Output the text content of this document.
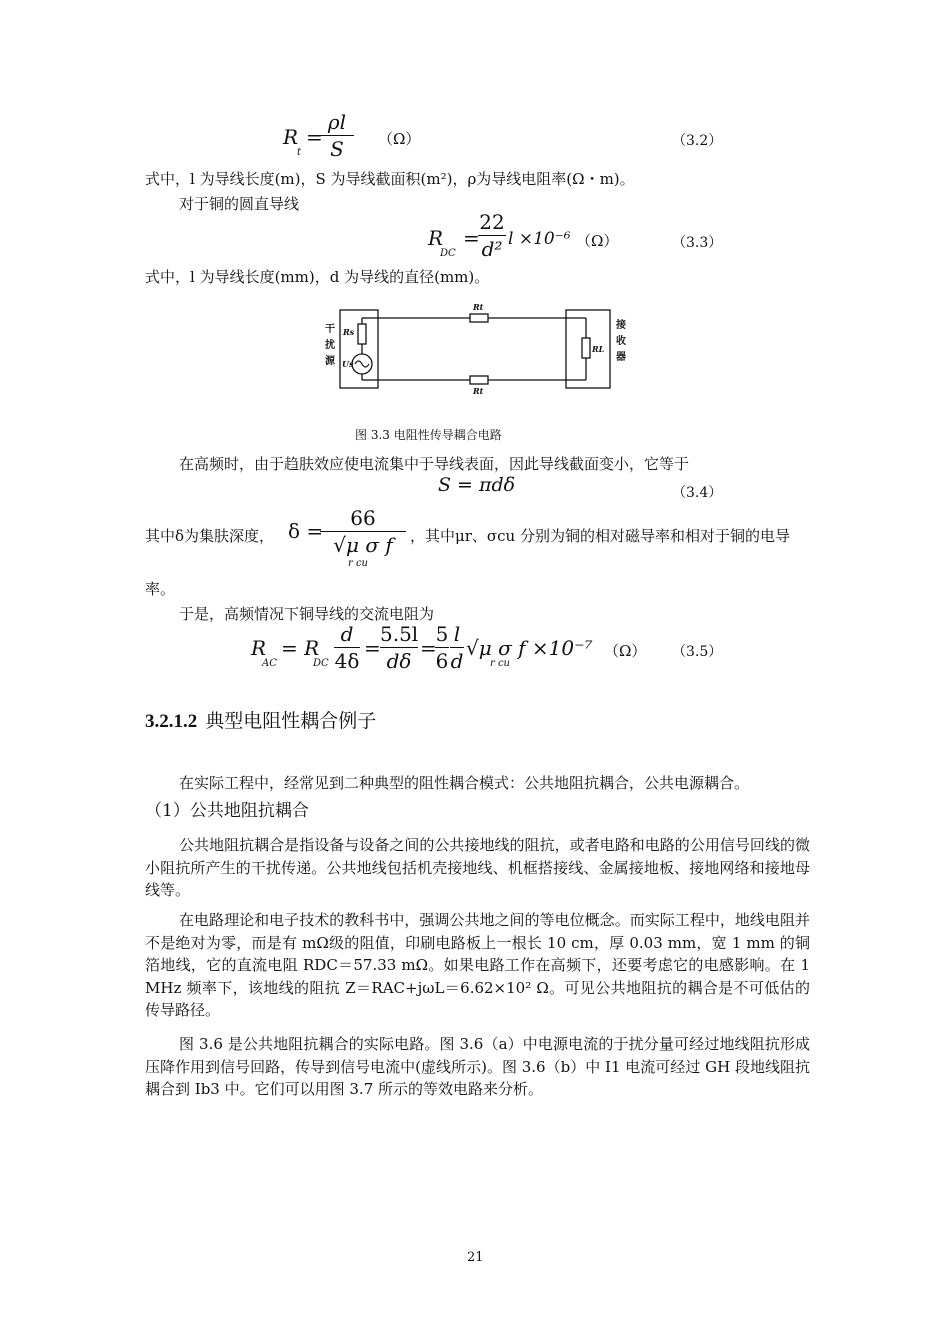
R
t
=
ρl
S	（Ω）	（3.2）
式中，l 为导线长度(m)，S 为导线截面积(m²)，ρ为导线电阻率(Ω・m)。
对于铜的圆直导线
R
DC
=
22
d² l ×10⁻⁶ （Ω）	（3.3）
式中，l 为导线长度(mm)，d 为导线的直径(mm)。
干
扰
源
接
收
器
Rs
Us
RL
Rt
Rt
图 3.3 电阻性传导耦合电路
在高频时，由于趋肤效应使电流集中于导线表面，因此导线截面变小，它等于
S = πdδ	（3.4）
其中δ为集肤深度， δ =
66
√μ σ f
r cu
，其中μr、σcu 分别为铜的相对磁导率和相对于铜的电导
率。
于是，高频情况下铜导线的交流电阻为
R
AC
= R
DC
d
4δ
=
5.5l
dδ
=
5
6
l
d
√μ σ f ×10⁻⁷
r cu
（Ω） （3.5）
3.2.1.2 典型电阻性耦合例子
在实际工程中，经常见到二种典型的阻性耦合模式：公共地阻抗耦合，公共电源耦合。
（1）公共地阻抗耦合
公共地阻抗耦合是指设备与设备之间的公共接地线的阻抗，或者电路和电路的公用信号回线的微小阻抗所产生的干扰传递。公共地线包括机壳接地线、机框搭接线、金属接地板、接地网络和接地母线等。
在电路理论和电子技术的教科书中，强调公共地之间的等电位概念。而实际工程中，地线电阻并不是绝对为零，而是有 mΩ级的阻值，印刷电路板上一根长 10 cm，厚 0.03 mm，宽 1 mm 的铜箔地线，它的直流电阻 RDC＝57.33 mΩ。如果电路工作在高频下，还要考虑它的电感影响。在 1 MHz 频率下，该地线的阻抗 Z＝RAC+jωL＝6.62×10² Ω。可见公共地阻抗的耦合是不可低估的传导路径。
图 3.6 是公共地阻抗耦合的实际电路。图 3.6（a）中电源电流的于扰分量可经过地线阻抗形成压降作用到信号回路，传导到信号电流中(虚线所示)。图 3.6（b）中 I1 电流可经过 GH 段地线阻抗耦合到 Ib3 中。它们可以用图 3.7 所示的等效电路来分析。
21
